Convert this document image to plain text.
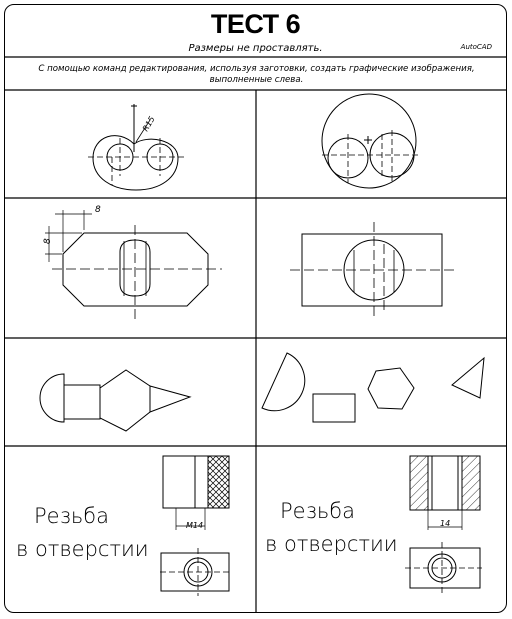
ТЕСТ 6
Размеры не проставлять.	AutoCAD
С помощью команд редактирования, используя заготовки, создать графические изображения, выполненные слева.
R15
8
8
M14	14
Резьба
в отверстии
Резьба
в отверстии
